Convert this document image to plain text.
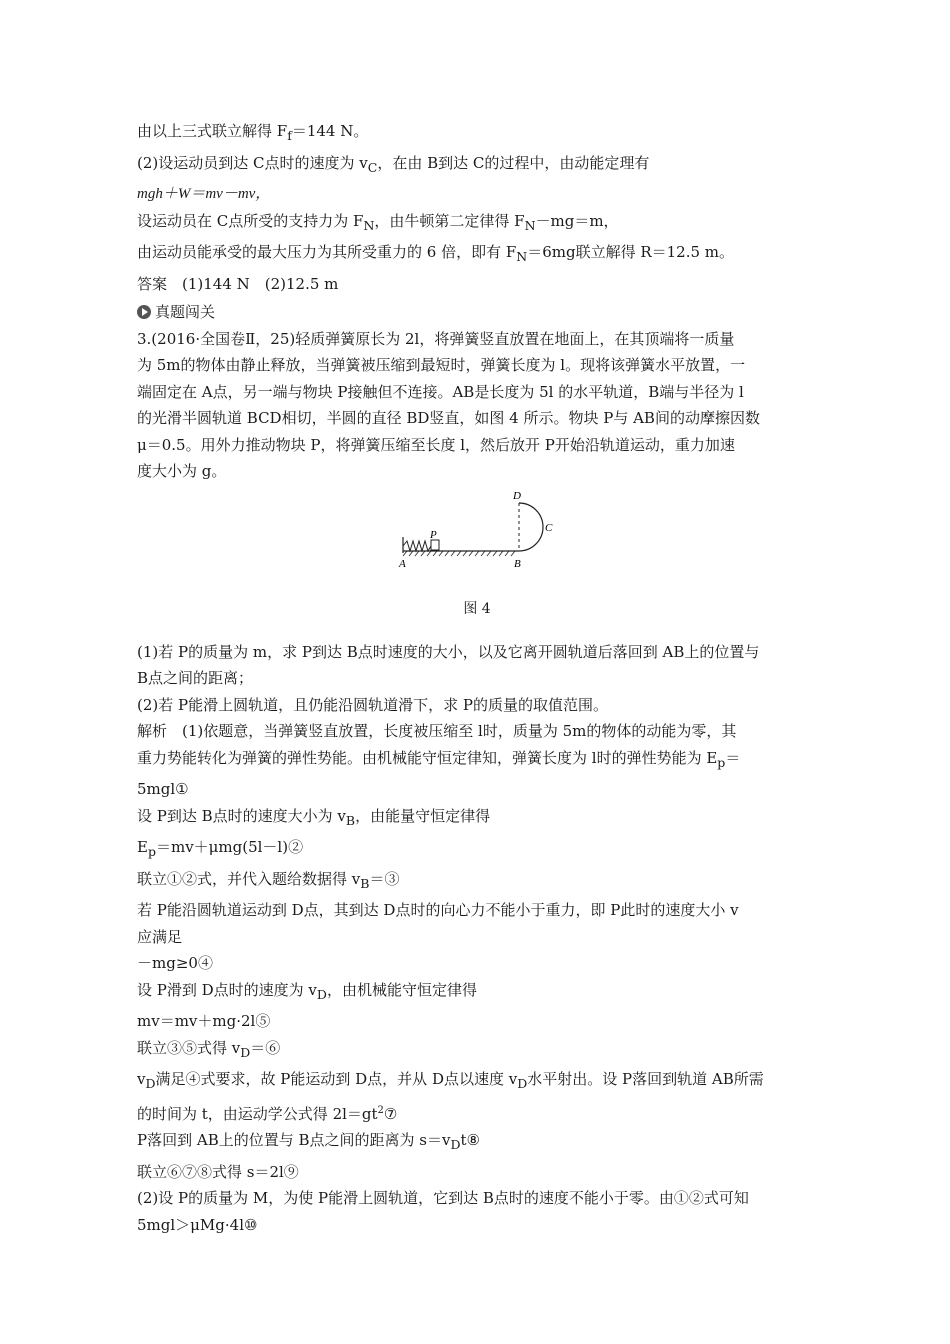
由以上三式联立解得 $F_f=144$ N。
(2)设运动员到达 C点时的速度为 $v_C$，在由 B到达 C的过程中，由动能定理有
mgh＋W＝mv－mv，
设运动员在 C点所受的支持力为 $F_N$，由牛顿第二定律得 $F_N-mg=m$，
由运动员能承受的最大压力为其所受重力的 6 倍，即有 $F_N=6mg$联立解得 R＝12.5 m。
答案　(1)144 N　(2)12.5 m
真题闯关
3.(2016·全国卷Ⅱ，25)轻质弹簧原长为 2l，将弹簧竖直放置在地面上，在其顶端将一质量
为 5m的物体由静止释放，当弹簧被压缩到最短时，弹簧长度为 l。现将该弹簧水平放置，一
端固定在 A点，另一端与物块 P接触但不连接。AB是长度为 5l 的水平轨道，B端与半径为 l
的光滑半圆轨道 BCD相切，半圆的直径 BD竖直，如图 4 所示。物块 P与 AB间的动摩擦因数
μ＝0.5。用外力推动物块 P，将弹簧压缩至长度 l，然后放开 P开始沿轨道运动，重力加速
度大小为 g。
D
C
P
A	B
图 4
(1)若 P的质量为 m，求 P到达 B点时速度的大小，以及它离开圆轨道后落回到 AB上的位置与
B点之间的距离；
(2)若 P能滑上圆轨道，且仍能沿圆轨道滑下，求 P的质量的取值范围。
解析　(1)依题意，当弹簧竖直放置，长度被压缩至 l时，质量为 5m的物体的动能为零，其
重力势能转化为弹簧的弹性势能。由机械能守恒定律知，弹簧长度为 l时的弹性势能为 $E_p=$
5mgl①
设 P到达 B点时的速度大小为 $v_B$，由能量守恒定律得
$E_p=mv+\mu mg(5l-l)②$
联立①②式，并代入题给数据得 $v_B=③$
若 P能沿圆轨道运动到 D点，其到达 D点时的向心力不能小于重力，即 P此时的速度大小 v
应满足
－mg≥0④
设 P滑到 D点时的速度为 $v_D$，由机械能守恒定律得
mv＝mv＋mg·2l⑤
联立③⑤式得 $v_D=⑥$
$v_D$满足④式要求，故 P能运动到 D点，并从 D点以速度 $v_D$水平射出。设 P落回到轨道 AB所需
的时间为 t，由运动学公式得 $2l=gt^2⑦$
P落回到 AB上的位置与 B点之间的距离为 $s=v_Dt⑧$
联立⑥⑦⑧式得 s＝2l⑨
(2)设 P的质量为 M，为使 P能滑上圆轨道，它到达 B点时的速度不能小于零。由①②式可知
5mgl＞μMg·4l⑩
